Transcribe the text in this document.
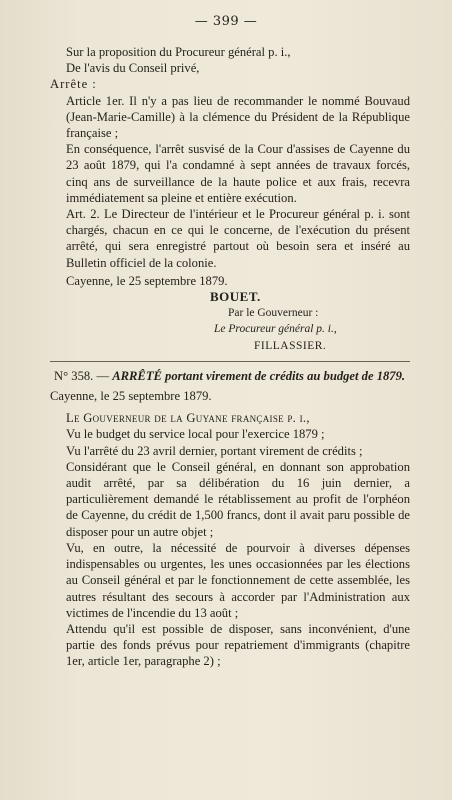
— 399 —

Sur la proposition du Procureur général p. i.,

De l'avis du Conseil privé,

Arrête :

Article 1er. Il n'y a pas lieu de recommander le nommé Bouvaud (Jean-Marie-Camille) à la clémence du Président de la République française ;

En conséquence, l'arrêt susvisé de la Cour d'assises de Cayenne du 23 août 1879, qui l'a condamné à sept années de travaux forcés, cinq ans de surveillance de la haute police et aux frais, recevra immédiatement sa pleine et entière exécution.

Art. 2. Le Directeur de l'intérieur et le Procureur général p. i. sont chargés, chacun en ce qui le concerne, de l'exécution du présent arrêté, qui sera enregistré partout où besoin sera et inséré au Bulletin officiel de la colonie.

Cayenne, le 25 septembre 1879.

BOUET.

Par le Gouverneur :

Le Procureur général p. i.,

FILLASSIER.

N° 358. — ARRÊTÉ portant virement de crédits au budget de 1879.

Cayenne, le 25 septembre 1879.

Le Gouverneur de la Guyane française p. i.,

Vu le budget du service local pour l'exercice 1879 ;

Vu l'arrêté du 23 avril dernier, portant virement de crédits ;

Considérant que le Conseil général, en donnant son approbation audit arrêté, par sa délibération du 16 juin dernier, a particulièrement demandé le rétablissement au profit de l'orphéon de Cayenne, du crédit de 1,500 francs, dont il avait paru possible de disposer pour un autre objet ;

Vu, en outre, la nécessité de pourvoir à diverses dépenses indispensables ou urgentes, les unes occasionnées par les élections au Conseil général et par le fonctionnement de cette assemblée, les autres résultant des secours à accorder par l'Administration aux victimes de l'incendie du 13 août ;

Attendu qu'il est possible de disposer, sans inconvénient, d'une partie des fonds prévus pour repatriement d'immigrants (chapitre 1er, article 1er, paragraphe 2) ;
